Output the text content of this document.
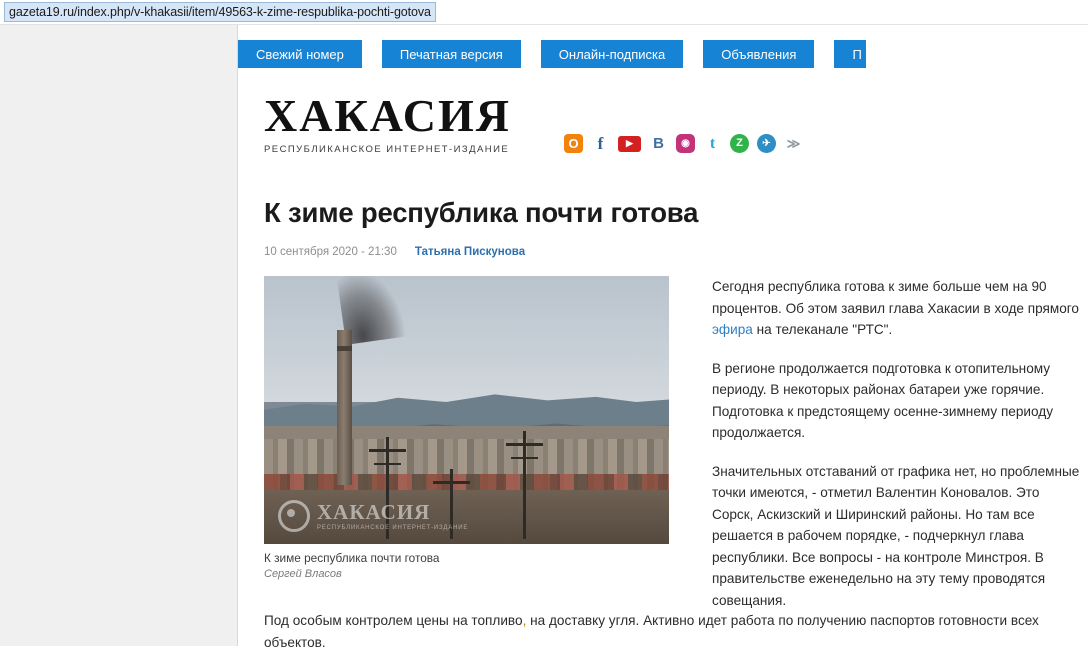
gazeta19.ru/index.php/v-khakasii/item/49563-k-zime-respublika-pochti-gotova
Свежий номер	Печатная версия	Онлайн-подписка	Объявления	П
ХАКАСИЯ
РЕСПУБЛИКАНСКОЕ ИНТЕРНЕТ-ИЗДАНИЕ	О f	▶ В ◉ t Z ✈ ≫
К зиме республика почти готова
10 сентября 2020 - 21:30 Татьяна Пискунова
ХАКАСИЯ
РЕСПУБЛИКАНСКОЕ ИНТЕРНЕТ-ИЗДАНИЕ
К зиме республика почти готова
Сергей Власов

Сегодня республика готова к зиме больше чем на 90 процентов. Об этом заявил глава Хакасии в ходе прямого эфира на телеканале "РТС".

В регионе продолжается подготовка к отопительному периоду. В некоторых районах батареи уже горячие. Подготовка к предстоящему осенне-зимнему периоду продолжается.

Значительных отставаний от графика нет, но проблемные точки имеются, - отметил Валентин Коновалов. Это Сорск, Аскизский и Ширинский районы. Но там все решается в рабочем порядке, - подчеркнул глава республики. Все вопросы - на контроле Минстроя. В правительстве еженедельно на эту тему проводятся совещания.

Под особым контролем цены на топливо, на доставку угля. Активно идет работа по получению паспортов готовности всех объектов.
